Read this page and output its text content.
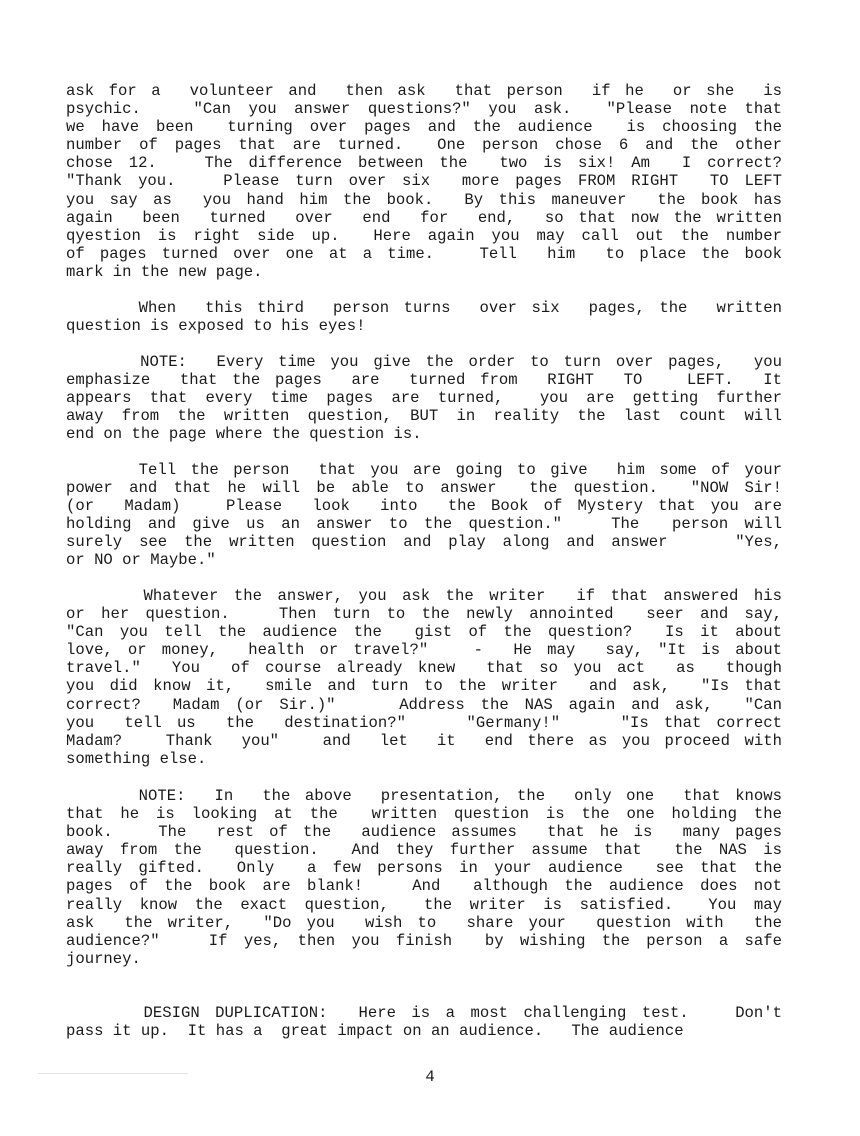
ask for a  volunteer and  then ask  that person  if he  or she  is
psychic.   "Can you answer questions?" you ask.  "Please note that
we have been  turning over pages and the audience  is choosing the
number of pages that are turned.  One person chose 6 and the other
chose 12.   The difference between the  two is six! Am  I correct?
"Thank you.   Please turn over six  more pages FROM RIGHT  TO LEFT
you say as  you hand him the book.  By this maneuver  the book has
again  been  turned  over  end  for  end,  so that now the written
qyestion is right side up.  Here again you may call out the number
of pages turned over one at a time.   Tell  him  to place the book
mark in the new page.
When  this third  person turns  over six  pages, the  written
question is exposed to his eyes!
NOTE:  Every time you give the order to turn over pages,  you
emphasize  that the pages  are  turned from  RIGHT  TO   LEFT.  It
appears that every time pages are turned,  you are getting further
away from the written question, BUT in reality the last count will
end on the page where the question is.
Tell the person  that you are going to give  him some of your
power and that he will be able to answer  the question.  "NOW Sir!
(or  Madam)   Please  look  into  the Book of Mystery that you are
holding and give us an answer to the question."   The  person will
surely see the written question and play along and answer    "Yes,
or NO or Maybe."
Whatever the answer, you ask the writer  if that answered his
or her question.   Then turn to the newly annointed  seer and say,
"Can you tell the audience the  gist of the question?  Is it about
love, or money,  health or travel?"   -  He may  say, "It is about
travel."  You  of course already knew  that so you act  as  though
you did know it,  smile and turn to the writer  and ask,  "Is that
correct?  Madam (or Sir.)"    Address the NAS again and ask,  "Can
you  tell us  the  destination?"    "Germany!"    "Is that correct
Madam?   Thank  you"   and  let  it  end there as you proceed with
something else.
NOTE:  In  the above  presentation, the  only one  that knows
that he is looking at the  written question is the one holding the
book.   The  rest of the  audience assumes  that he is  many pages
away from the  question.  And they further assume that  the NAS is
really gifted.  Only  a few persons in your audience  see that the
pages of the book are blank!   And  although the audience does not
really know the exact question,  the writer is satisfied.  You may
ask  the writer,  "Do you  wish to  share your  question with  the
audience?"   If yes, then you finish  by wishing the person a safe
journey.
DESIGN DUPLICATION:  Here is a most challenging test.   Don't
pass it up.  It has a  great impact on an audience.   The audience
4
